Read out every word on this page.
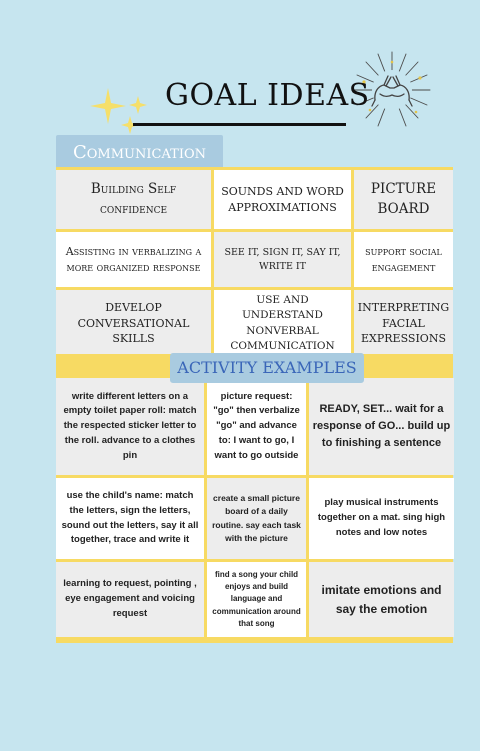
GOAL IDEAS
Communication
Building Self confidence
SOUNDS AND WORD APPROXIMATIONS
PICTURE BOARD
Assisting in verbalizing a more organized response
SEE IT, SIGN IT, SAY IT, WRITE IT
support social engagement
DEVELOP CONVERSATIONAL SKILLS
USE AND UNDERSTAND NONVERBAL COMMUNICATION
INTERPRETING FACIAL EXPRESSIONS
write different letters on a empty toilet paper roll: match the respected sticker letter to the roll. advance to a clothes pin
picture request: "go" then verbalize "go" and advance to: I want to go, I want to go outside
READY, SET... wait for a response of GO... build up to finishing a sentence
use the child's name: match the letters, sign the letters, sound out the letters, say it all together, trace and write it
create a small picture board of a daily routine. say each task with the picture
play musical instruments together on a mat. sing high notes and low notes
learning to request, pointing , eye engagement and voicing request
find a song your child enjoys and build language and communication around that song
imitate emotions and say the emotion
ACTIVITY EXAMPLES
